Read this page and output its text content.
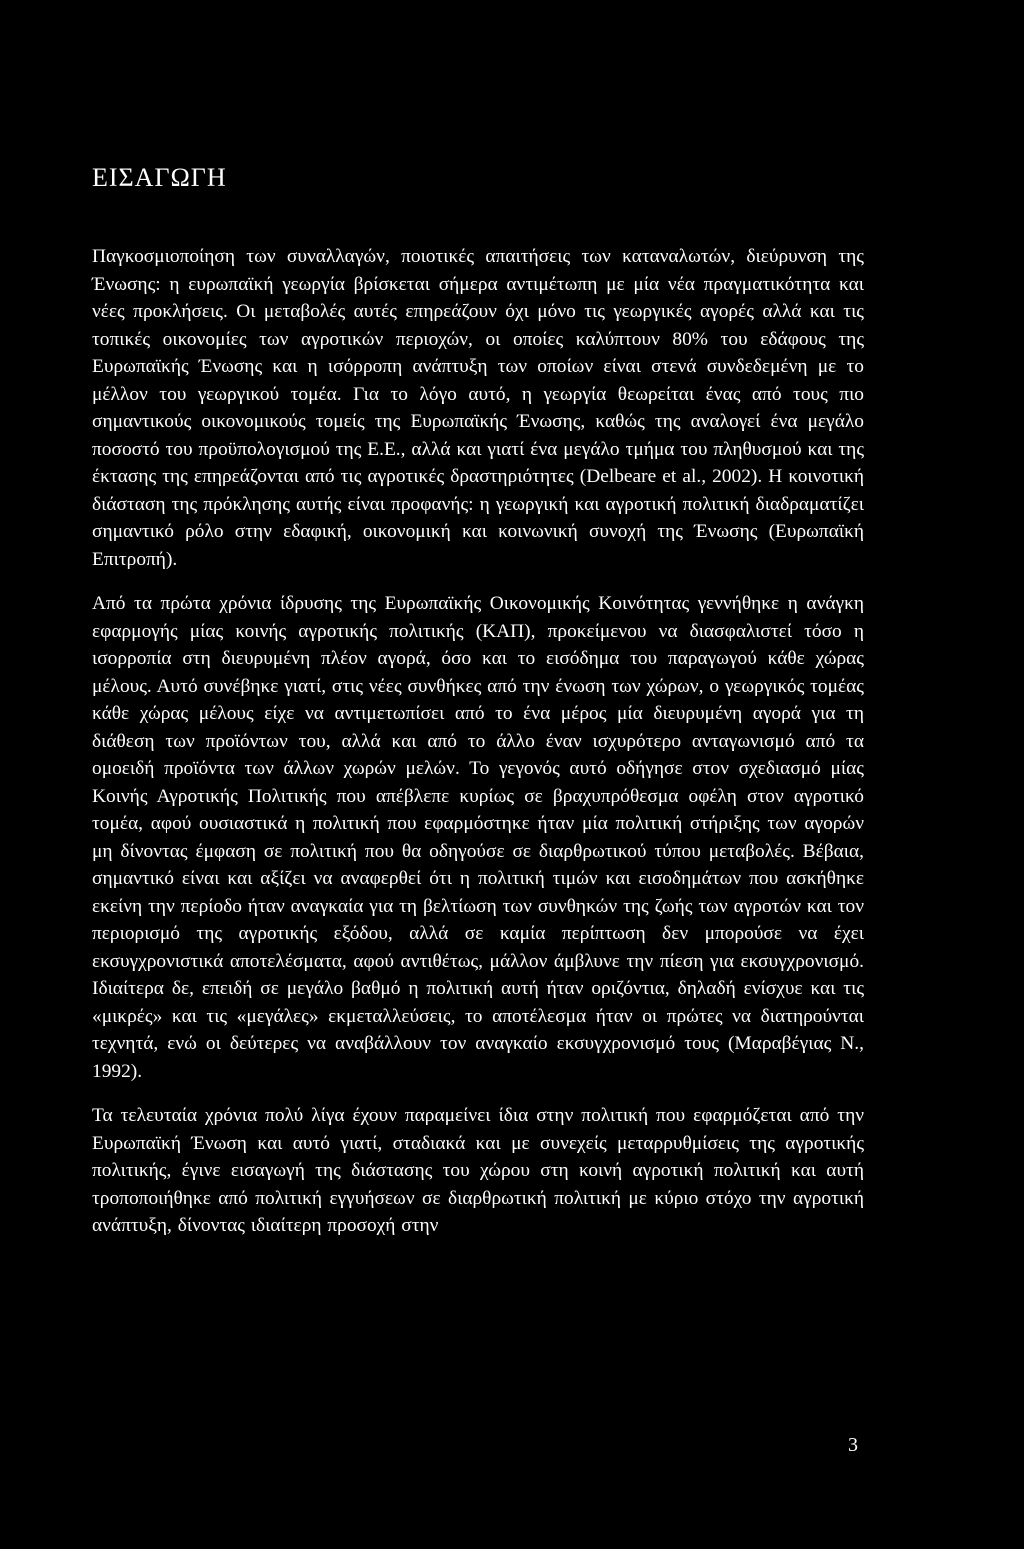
ΕΙΣΑΓΩΓΗ

Παγκοσμιοποίηση των συναλλαγών, ποιοτικές απαιτήσεις των καταναλωτών, διεύρυνση της Ένωσης: η ευρωπαϊκή γεωργία βρίσκεται σήμερα αντιμέτωπη με μία νέα πραγματικότητα και νέες προκλήσεις. Οι μεταβολές αυτές επηρεάζουν όχι μόνο τις γεωργικές αγορές αλλά και τις τοπικές οικονομίες των αγροτικών περιοχών, οι οποίες καλύπτουν 80% του εδάφους της Ευρωπαϊκής Ένωσης και η ισόρροπη ανάπτυξη των οποίων είναι στενά συνδεδεμένη με το μέλλον του γεωργικού τομέα. Για το λόγο αυτό, η γεωργία θεωρείται ένας από τους πιο σημαντικούς οικονομικούς τομείς της Ευρωπαϊκής Ένωσης, καθώς της αναλογεί ένα μεγάλο ποσοστό του προϋπολογισμού της Ε.Ε., αλλά και γιατί ένα μεγάλο τμήμα του πληθυσμού και της έκτασης της επηρεάζονται από τις αγροτικές δραστηριότητες (Delbeare et al., 2002). Η κοινοτική διάσταση της πρόκλησης αυτής είναι προφανής: η γεωργική και αγροτική πολιτική διαδραματίζει σημαντικό ρόλο στην εδαφική, οικονομική και κοινωνική συνοχή της Ένωσης (Ευρωπαϊκή Επιτροπή).

Από τα πρώτα χρόνια ίδρυσης της Ευρωπαϊκής Οικονομικής Κοινότητας γεννήθηκε η ανάγκη εφαρμογής μίας κοινής αγροτικής πολιτικής (ΚΑΠ), προκείμενου να διασφαλιστεί τόσο η ισορροπία στη διευρυμένη πλέον αγορά, όσο και το εισόδημα του παραγωγού κάθε χώρας μέλους. Αυτό συνέβηκε γιατί, στις νέες συνθήκες από την ένωση των χώρων, ο γεωργικός τομέας κάθε χώρας μέλους είχε να αντιμετωπίσει από το ένα μέρος μία διευρυμένη αγορά για τη διάθεση των προϊόντων του, αλλά και από το άλλο έναν ισχυρότερο ανταγωνισμό από τα ομοειδή προϊόντα των άλλων χωρών μελών. Το γεγονός αυτό οδήγησε στον σχεδιασμό μίας Κοινής Αγροτικής Πολιτικής που απέβλεπε κυρίως σε βραχυπρόθεσμα οφέλη στον αγροτικό τομέα, αφού ουσιαστικά η πολιτική που εφαρμόστηκε ήταν μία πολιτική στήριξης των αγορών μη δίνοντας έμφαση σε πολιτική που θα οδηγούσε σε διαρθρωτικού τύπου μεταβολές. Βέβαια, σημαντικό είναι και αξίζει να αναφερθεί ότι η πολιτική τιμών και εισοδημάτων που ασκήθηκε εκείνη την περίοδο ήταν αναγκαία για τη βελτίωση των συνθηκών της ζωής των αγροτών και τον περιορισμό της αγροτικής εξόδου, αλλά σε καμία περίπτωση δεν μπορούσε να έχει εκσυγχρονιστικά αποτελέσματα, αφού αντιθέτως, μάλλον άμβλυνε την πίεση για εκσυγχρονισμό. Ιδιαίτερα δε, επειδή σε μεγάλο βαθμό η πολιτική αυτή ήταν οριζόντια, δηλαδή ενίσχυε και τις «μικρές» και τις «μεγάλες» εκμεταλλεύσεις, το αποτέλεσμα ήταν οι πρώτες να διατηρούνται τεχνητά, ενώ οι δεύτερες να αναβάλλουν τον αναγκαίο εκσυγχρονισμό τους (Μαραβέγιας Ν., 1992).

Τα τελευταία χρόνια πολύ λίγα έχουν παραμείνει ίδια στην πολιτική που εφαρμόζεται από την Ευρωπαϊκή Ένωση και αυτό γιατί, σταδιακά και με συνεχείς μεταρρυθμίσεις της αγροτικής πολιτικής, έγινε εισαγωγή της διάστασης του χώρου στη κοινή αγροτική πολιτική και αυτή τροποποιήθηκε από πολιτική εγγυήσεων σε διαρθρωτική πολιτική με κύριο στόχο την αγροτική ανάπτυξη, δίνοντας ιδιαίτερη προσοχή στην

3
